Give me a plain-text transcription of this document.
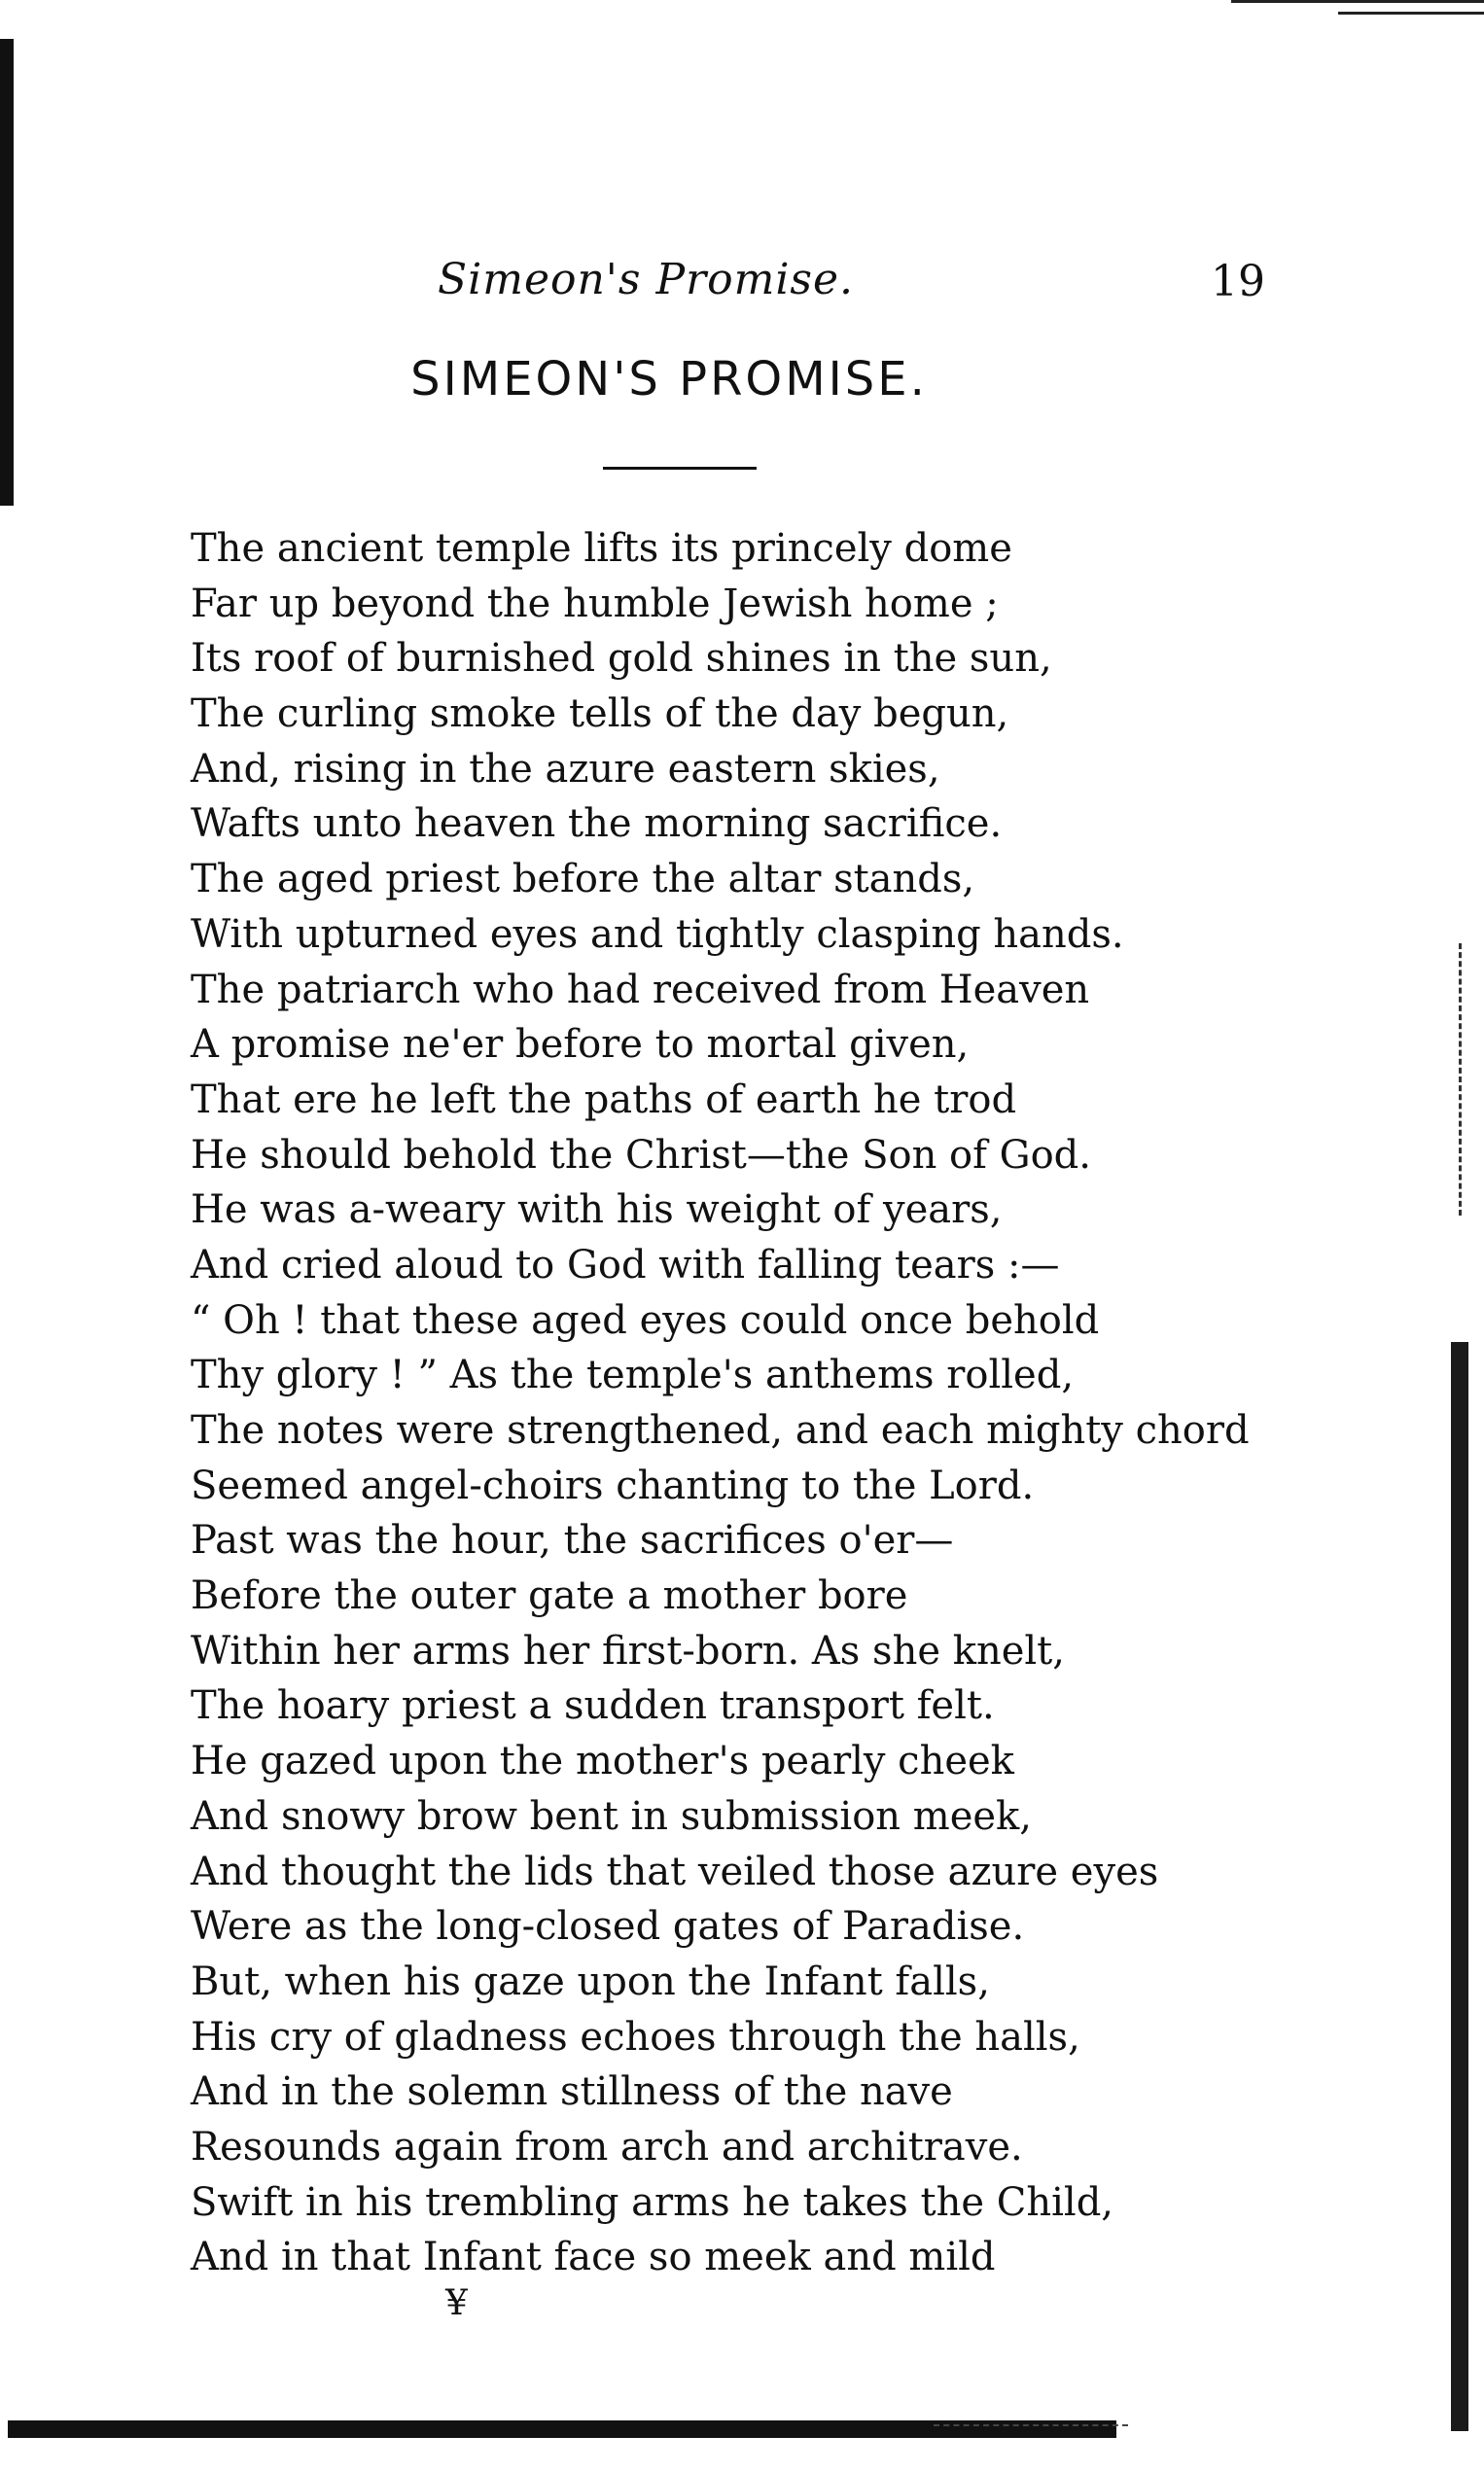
Simeon's Promise.	19
SIMEON'S PROMISE.
The ancient temple lifts its princely dome
Far up beyond the humble Jewish home ;
Its roof of burnished gold shines in the sun,
The curling smoke tells of the day begun,
And, rising in the azure eastern skies,
Wafts unto heaven the morning sacrifice.
The aged priest before the altar stands,
With upturned eyes and tightly clasping hands.
The patriarch who had received from Heaven
A promise ne'er before to mortal given,
That ere he left the paths of earth he trod
He should behold the Christ—the Son of God.
He was a-weary with his weight of years,
And cried aloud to God with falling tears :—
“ Oh ! that these aged eyes could once behold
Thy glory ! ” As the temple's anthems rolled,
The notes were strengthened, and each mighty chord
Seemed angel-choirs chanting to the Lord.
Past was the hour, the sacrifices o'er—
Before the outer gate a mother bore
Within her arms her first-born. As she knelt,
The hoary priest a sudden transport felt.
He gazed upon the mother's pearly cheek
And snowy brow bent in submission meek,
And thought the lids that veiled those azure eyes
Were as the long-closed gates of Paradise.
But, when his gaze upon the Infant falls,
His cry of gladness echoes through the halls,
And in the solemn stillness of the nave
Resounds again from arch and architrave.
Swift in his trembling arms he takes the Child,
And in that Infant face so meek and mild
¥
